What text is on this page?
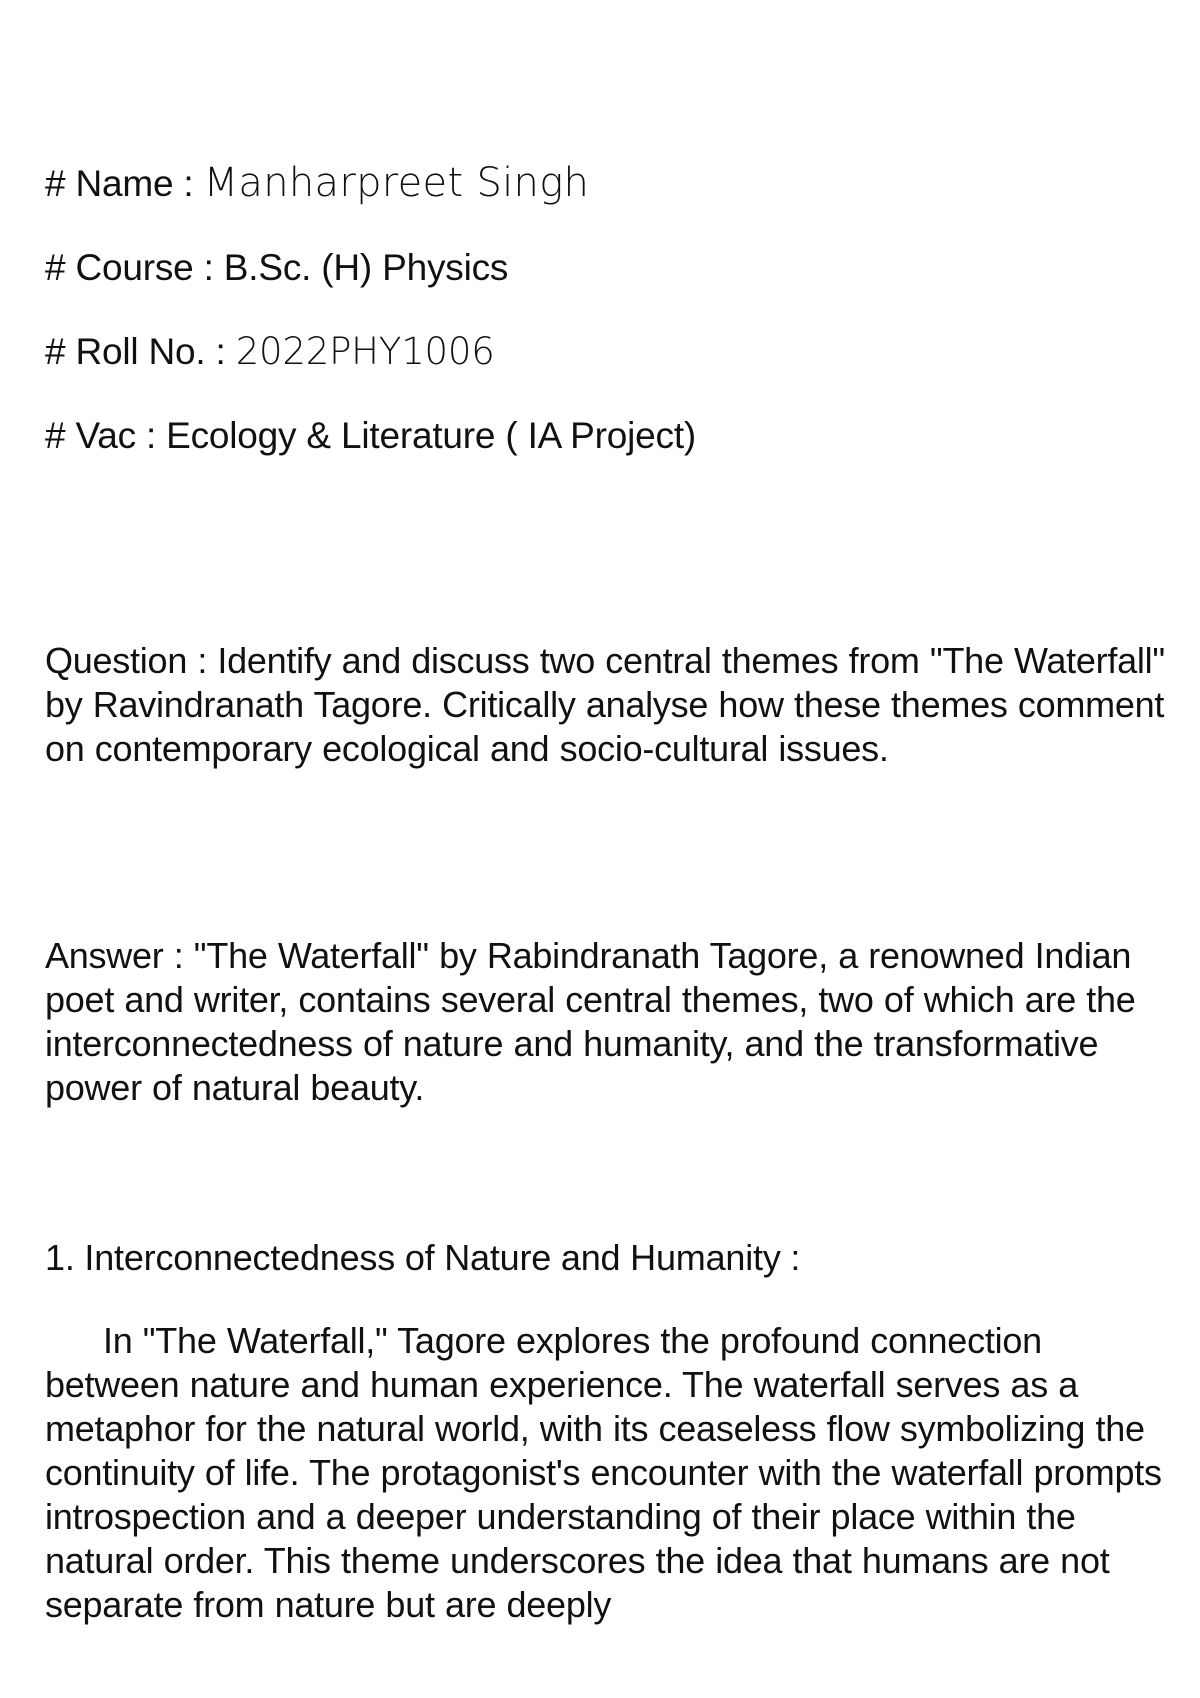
# Name : Manharpreet Singh
# Course : B.Sc. (H) Physics
# Roll No. : 2022PHY1006
# Vac : Ecology & Literature ( IA Project)
Question : Identify and discuss two central themes from "The Waterfall" by Ravindranath Tagore. Critically analyse how these themes comment on contemporary ecological and socio-cultural issues.
Answer : "The Waterfall" by Rabindranath Tagore, a renowned Indian poet and writer, contains several central themes, two of which are the interconnectedness of nature and humanity, and the transformative power of natural beauty.
1. Interconnectedness of Nature and Humanity :
In "The Waterfall," Tagore explores the profound connection between nature and human experience. The waterfall serves as a metaphor for the natural world, with its ceaseless flow symbolizing the continuity of life. The protagonist's encounter with the waterfall prompts introspection and a deeper understanding of their place within the natural order. This theme underscores the idea that humans are not separate from nature but are deeply
